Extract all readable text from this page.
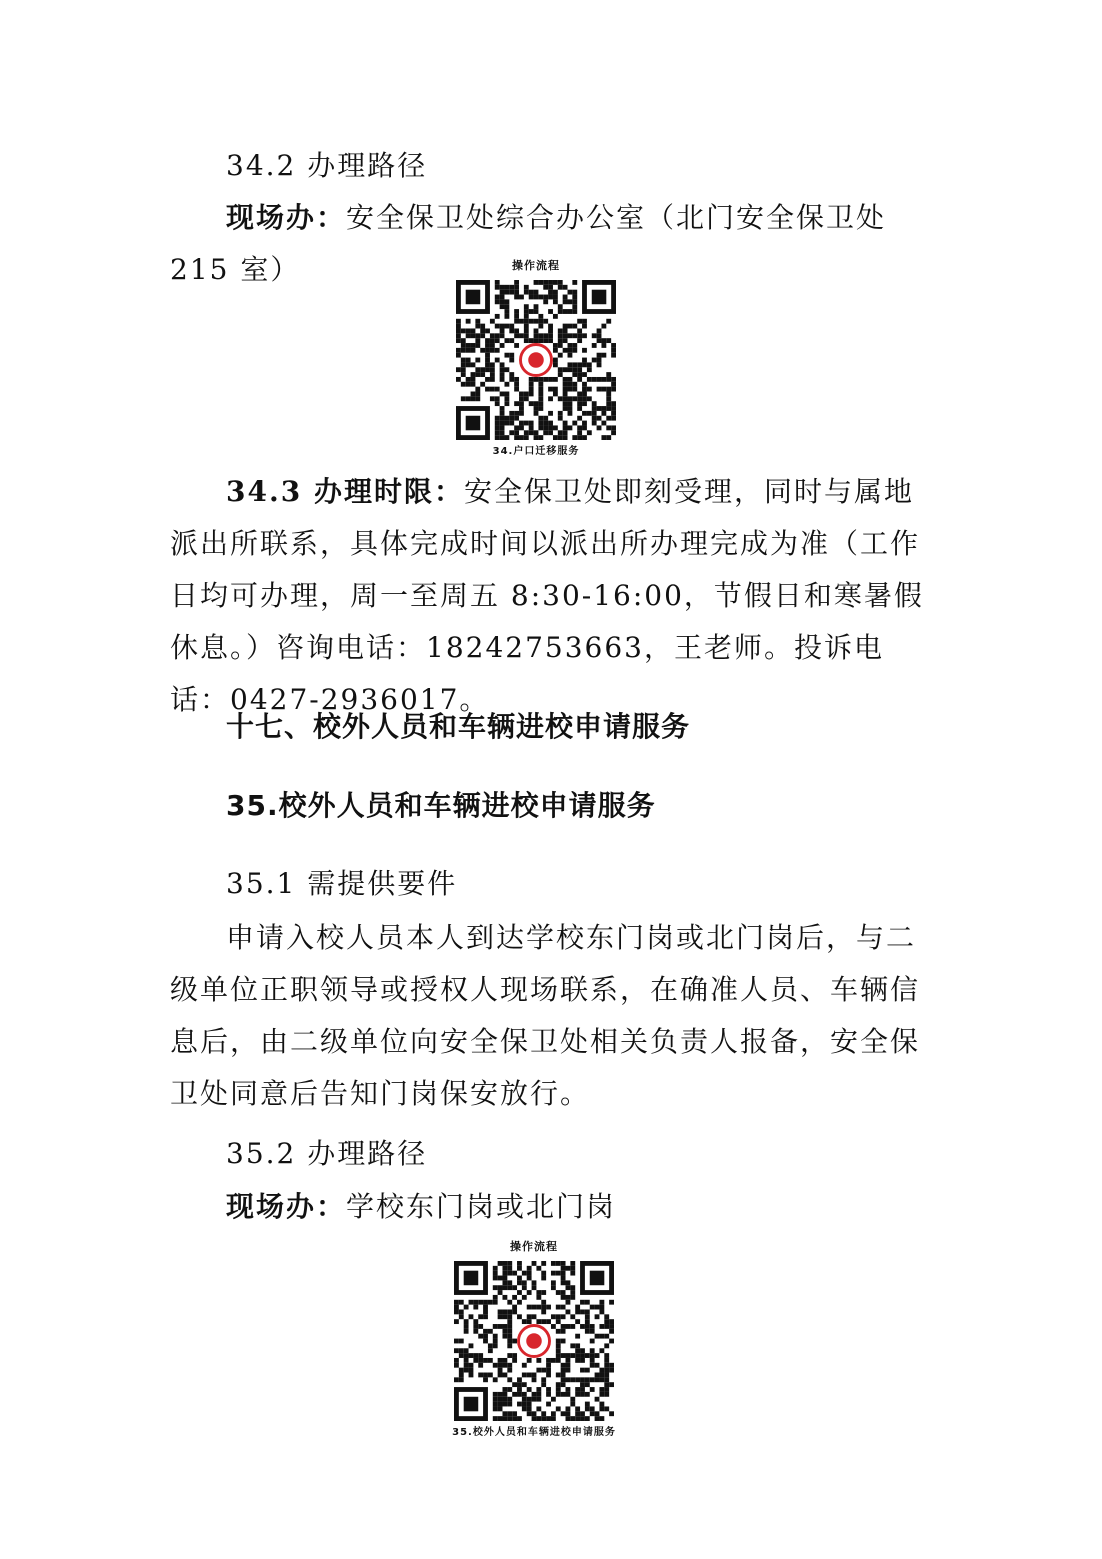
34.2 办理路径

现场办：安全保卫处综合办公室（北门安全保卫处 215 室）	操作流程
34.户口迁移服务

34.3 办理时限：安全保卫处即刻受理，同时与属地派出所联系，具体完成时间以派出所办理完成为准（工作日均可办理，周一至周五 8:30-16:00，节假日和寒暑假休息。）咨询电话：18242753663，王老师。投诉电话：0427-2936017。

十七、校外人员和车辆进校申请服务

35.校外人员和车辆进校申请服务

35.1 需提供要件

申请入校人员本人到达学校东门岗或北门岗后，与二级单位正职领导或授权人现场联系，在确准人员、车辆信息后，由二级单位向安全保卫处相关负责人报备，安全保卫处同意后告知门岗保安放行。

35.2 办理路径

现场办：学校东门岗或北门岗

操作流程
35.校外人员和车辆进校申请服务
